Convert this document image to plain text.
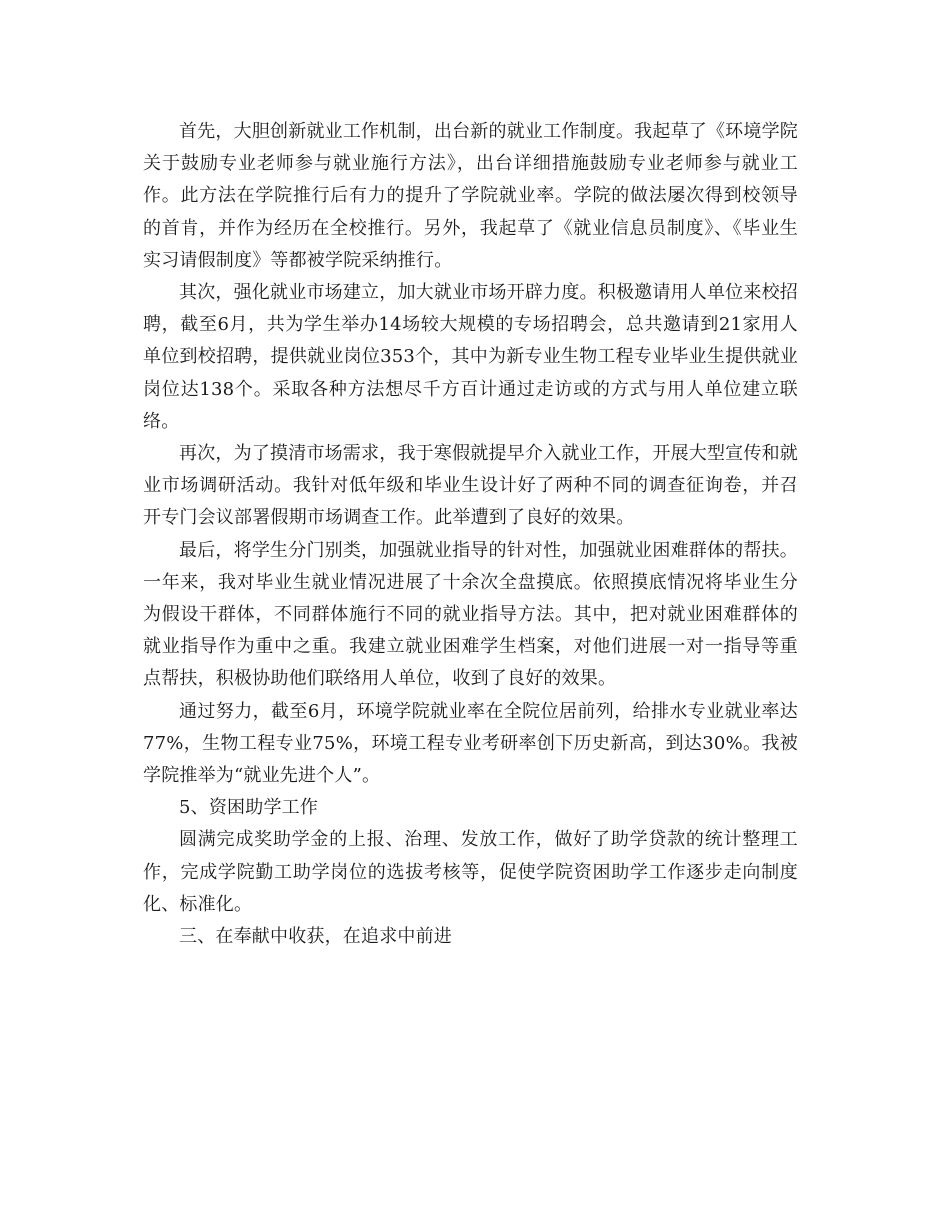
首先，大胆创新就业工作机制，出台新的就业工作制度。我起草了《环境学院关于鼓励专业老师参与就业施行方法》，出台详细措施鼓励专业老师参与就业工作。此方法在学院推行后有力的提升了学院就业率。学院的做法屡次得到校领导的首肯，并作为经历在全校推行。另外，我起草了《就业信息员制度》、《毕业生实习请假制度》等都被学院采纳推行。

其次，强化就业市场建立，加大就业市场开辟力度。积极邀请用人单位来校招聘，截至6月，共为学生举办14场较大规模的专场招聘会，总共邀请到21家用人单位到校招聘，提供就业岗位353个，其中为新专业生物工程专业毕业生提供就业岗位达138个。采取各种方法想尽千方百计通过走访或的方式与用人单位建立联络。

再次，为了摸清市场需求，我于寒假就提早介入就业工作，开展大型宣传和就业市场调研活动。我针对低年级和毕业生设计好了两种不同的调查征询卷，并召开专门会议部署假期市场调查工作。此举遭到了良好的效果。

最后，将学生分门别类，加强就业指导的针对性，加强就业困难群体的帮扶。一年来，我对毕业生就业情况进展了十余次全盘摸底。依照摸底情况将毕业生分为假设干群体，不同群体施行不同的就业指导方法。其中，把对就业困难群体的就业指导作为重中之重。我建立就业困难学生档案，对他们进展一对一指导等重点帮扶，积极协助他们联络用人单位，收到了良好的效果。

通过努力，截至6月，环境学院就业率在全院位居前列，给排水专业就业率达77%，生物工程专业75%，环境工程专业考研率创下历史新高，到达30%。我被学院推举为“就业先进个人”。

5、资困助学工作

圆满完成奖助学金的上报、治理、发放工作，做好了助学贷款的统计整理工作，完成学院勤工助学岗位的选拔考核等，促使学院资困助学工作逐步走向制度化、标准化。

三、在奉献中收获，在追求中前进
